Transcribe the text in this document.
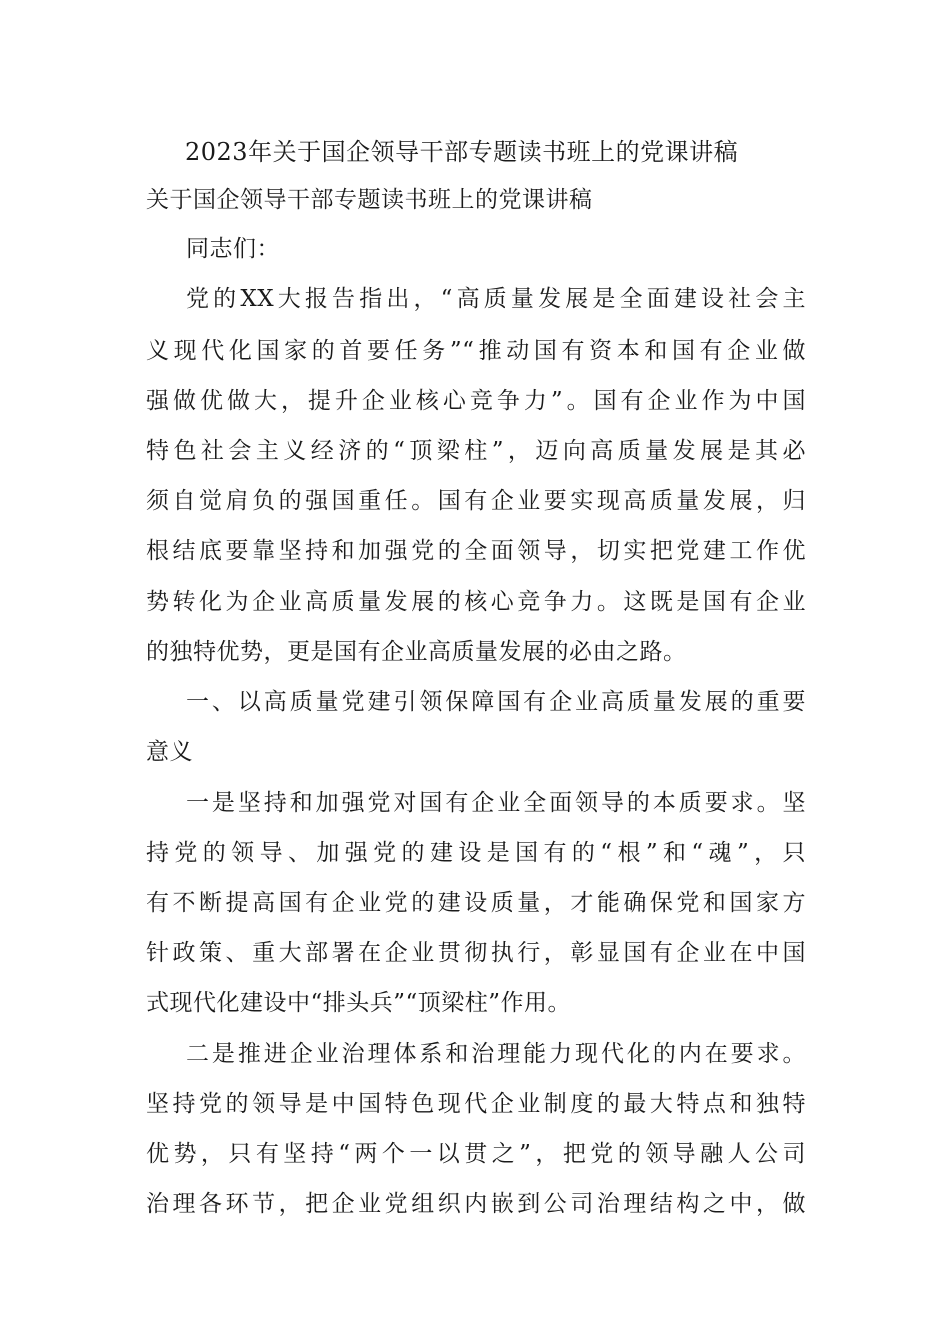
2023年关于国企领导干部专题读书班上的党课讲稿
关于国企领导干部专题读书班上的党课讲稿
同志们：
党的XX大报告指出，“高质量发展是全面建设社会主
义现代化国家的首要任务”“推动国有资本和国有企业做
强做优做大，提升企业核心竞争力”。国有企业作为中国
特色社会主义经济的“顶梁柱”，迈向高质量发展是其必
须自觉肩负的强国重任。国有企业要实现高质量发展，归
根结底要靠坚持和加强党的全面领导，切实把党建工作优
势转化为企业高质量发展的核心竞争力。这既是国有企业
的独特优势，更是国有企业高质量发展的必由之路。
一、以高质量党建引领保障国有企业高质量发展的重要
意义
一是坚持和加强党对国有企业全面领导的本质要求。坚
持党的领导、加强党的建设是国有的“根”和“魂”，只
有不断提高国有企业党的建设质量，才能确保党和国家方
针政策、重大部署在企业贯彻执行，彰显国有企业在中国
式现代化建设中“排头兵”“顶梁柱”作用。
二是推进企业治理体系和治理能力现代化的内在要求。
坚持党的领导是中国特色现代企业制度的最大特点和独特
优势，只有坚持“两个一以贯之”，把党的领导融人公司
治理各环节，把企业党组织内嵌到公司治理结构之中，做
